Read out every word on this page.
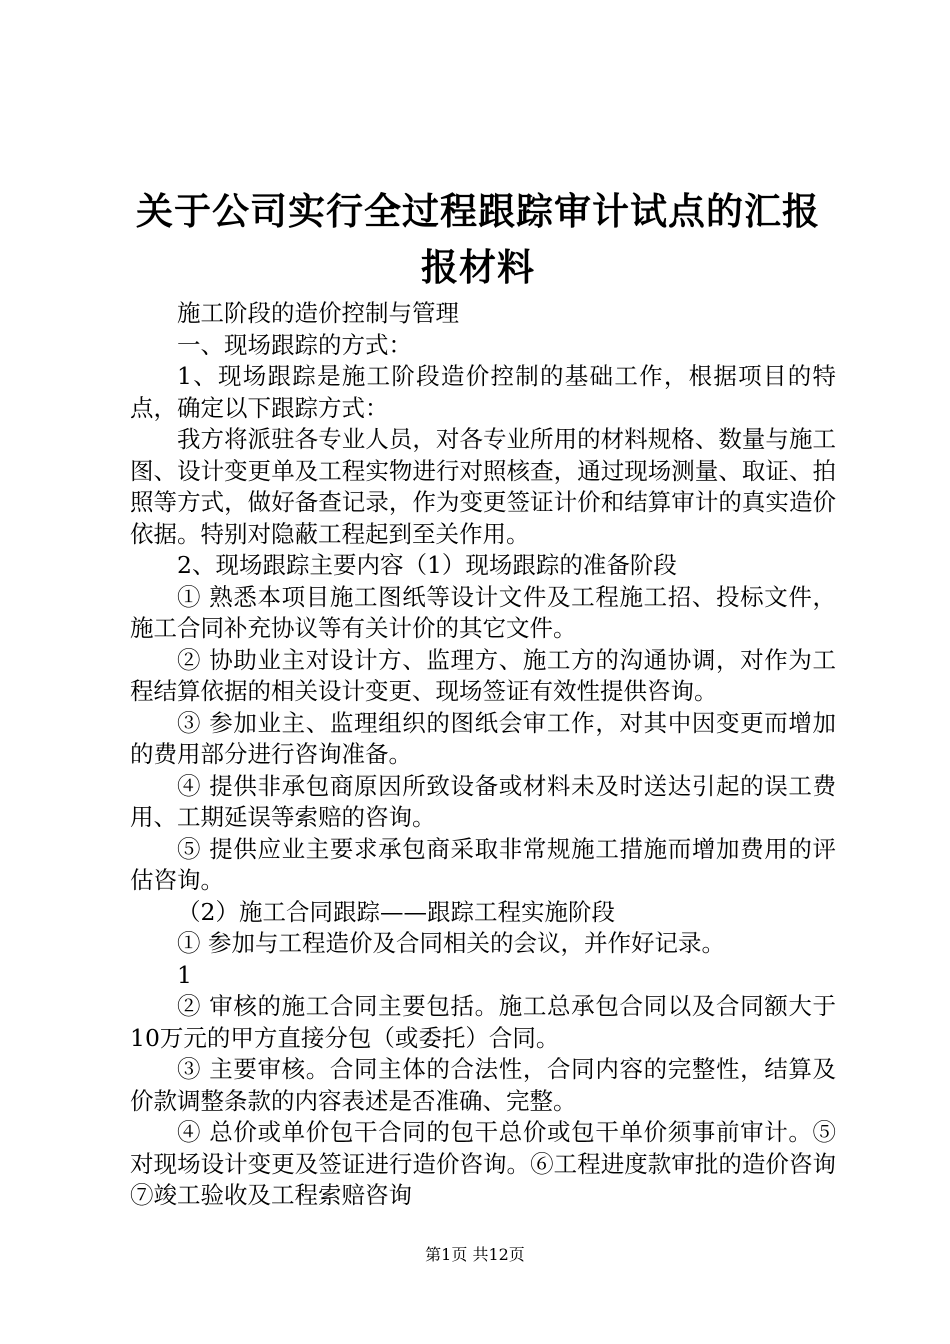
关于公司实行全过程跟踪审计试点的汇报报材料

施工阶段的造价控制与管理

一、现场跟踪的方式：

1、现场跟踪是施工阶段造价控制的基础工作，根据项目的特点，确定以下跟踪方式：

我方将派驻各专业人员，对各专业所用的材料规格、数量与施工图、设计变更单及工程实物进行对照核查，通过现场测量、取证、拍照等方式，做好备查记录，作为变更签证计价和结算审计的真实造价依据。特别对隐蔽工程起到至关作用。

2、现场跟踪主要内容（1）现场跟踪的准备阶段

① 熟悉本项目施工图纸等设计文件及工程施工招、投标文件，施工合同补充协议等有关计价的其它文件。

② 协助业主对设计方、监理方、施工方的沟通协调，对作为工程结算依据的相关设计变更、现场签证有效性提供咨询。

③ 参加业主、监理组织的图纸会审工作，对其中因变更而增加的费用部分进行咨询准备。

④ 提供非承包商原因所致设备或材料未及时送达引起的误工费用、工期延误等索赔的咨询。

⑤ 提供应业主要求承包商采取非常规施工措施而增加费用的评估咨询。

（2）施工合同跟踪——跟踪工程实施阶段

① 参加与工程造价及合同相关的会议，并作好记录。

1

② 审核的施工合同主要包括。施工总承包合同以及合同额大于10万元的甲方直接分包（或委托）合同。

③ 主要审核。合同主体的合法性，合同内容的完整性，结算及价款调整条款的内容表述是否准确、完整。

④ 总价或单价包干合同的包干总价或包干单价须事前审计。⑤对现场设计变更及签证进行造价咨询。⑥工程进度款审批的造价咨询⑦竣工验收及工程索赔咨询

第1页 共12页
